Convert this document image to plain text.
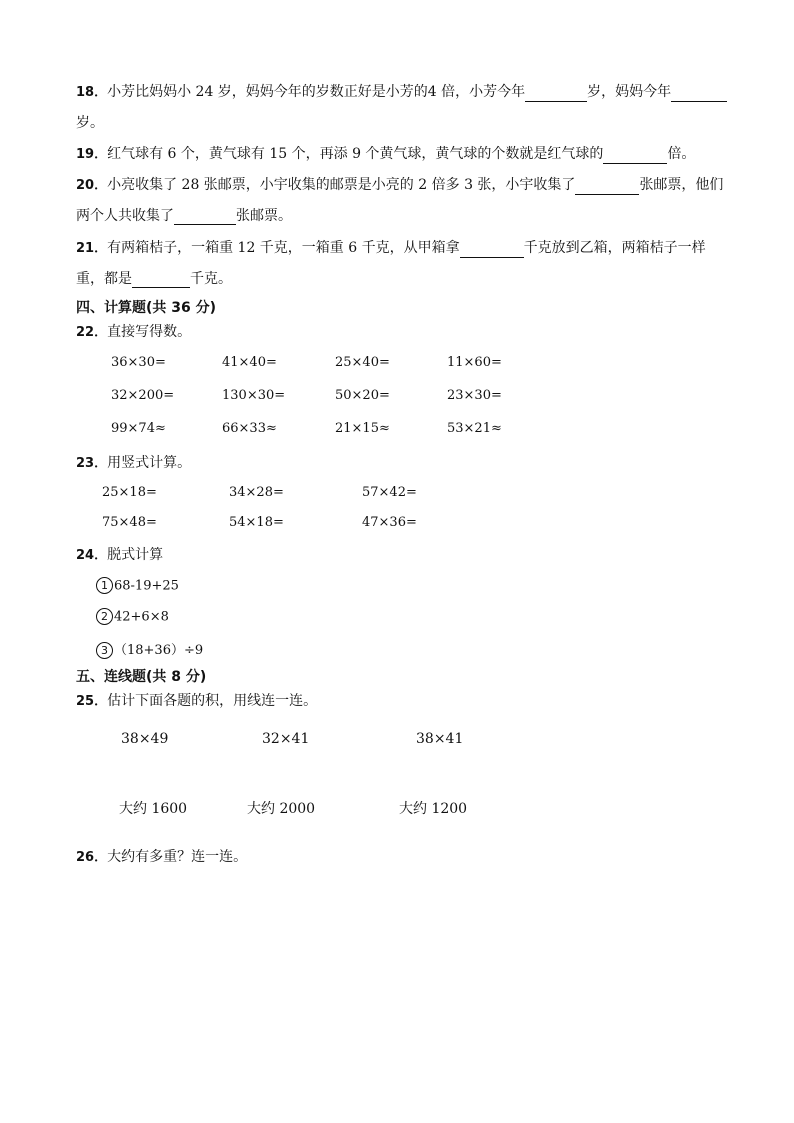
18．小芳比妈妈小 24 岁，妈妈今年的岁数正好是小芳的4 倍，小芳今年	岁，妈妈今年
岁。
19．红气球有 6 个，黄气球有 15 个，再添 9 个黄气球，黄气球的个数就是红气球的	倍。
20．小亮收集了 28 张邮票，小宇收集的邮票是小亮的 2 倍多 3 张，小宇收集了	张邮票，他们
两个人共收集了	张邮票。
21．有两箱桔子，一箱重 12 千克，一箱重 6 千克，从甲箱拿	千克放到乙箱，两箱桔子一样
重，都是	千克。
四、计算题(共 36 分)
22．直接写得数。
36×30=	41×40=	25×40=	11×60=
32×200=	130×30=	50×20=	23×30=
99×74≈	66×33≈	21×15≈	53×21≈
23．用竖式计算。
25×18=	34×28=	57×42=
75×48=	54×18=	47×36=
24．脱式计算
1 68-19+25
2 42+6×8
3 （18+36）÷9
五、连线题(共 8 分)
25．估计下面各题的积，用线连一连。
38×49	32×41	38×41
大约 1600	大约 2000	大约 1200
26．大约有多重？连一连。
